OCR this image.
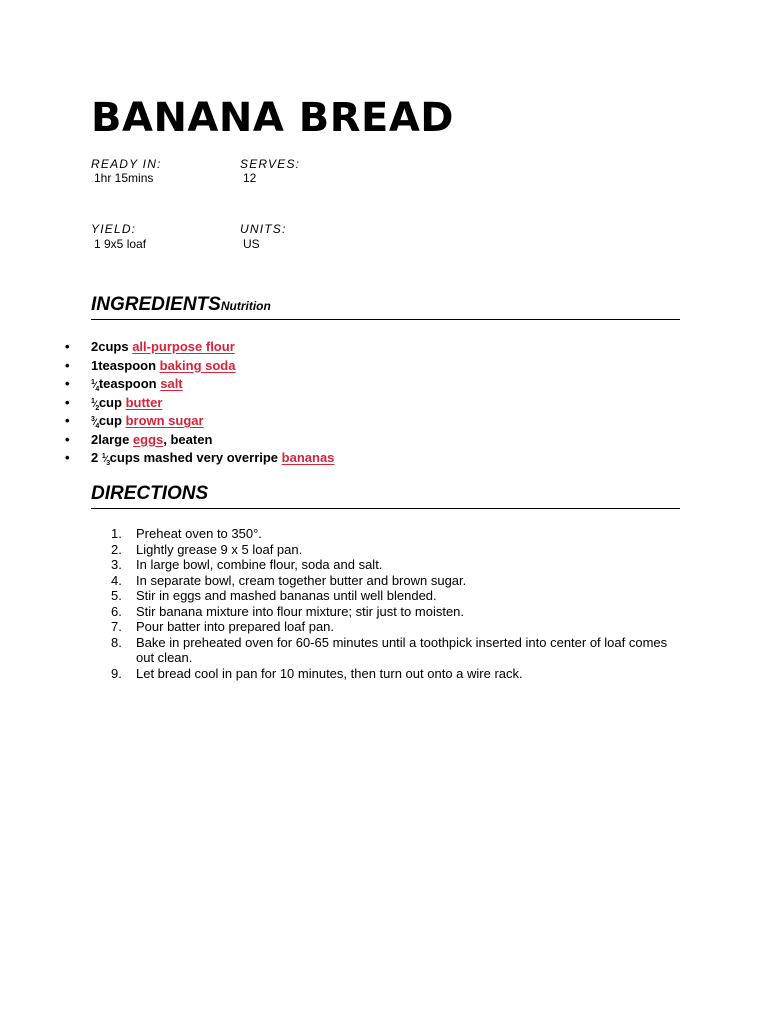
BANANA BREAD
READY IN:
1hr 15mins
SERVES:
12
YIELD:
1 9x5 loaf
UNITS:
US
INGREDIENTSNutrition
• 2cups all-purpose flour
• 1teaspoon baking soda
•	$^1⁄_4teaspoon$ salt
•	$^1⁄_2cup$ butter
•	$^3⁄_4cup$ brown sugar
• 2large eggs, beaten
• 2 $^1⁄_3cups$ mashed very overripe bananas
DIRECTIONS
1. Preheat oven to 350°.
2. Lightly grease 9 x 5 loaf pan.
3. In large bowl, combine flour, soda and salt.
4. In separate bowl, cream together butter and brown sugar.
5. Stir in eggs and mashed bananas until well blended.
6. Stir banana mixture into flour mixture; stir just to moisten.
7. Pour batter into prepared loaf pan.
8. Bake in preheated oven for 60-65 minutes until a toothpick inserted into center of loaf comes out clean.
9. Let bread cool in pan for 10 minutes, then turn out onto a wire rack.
